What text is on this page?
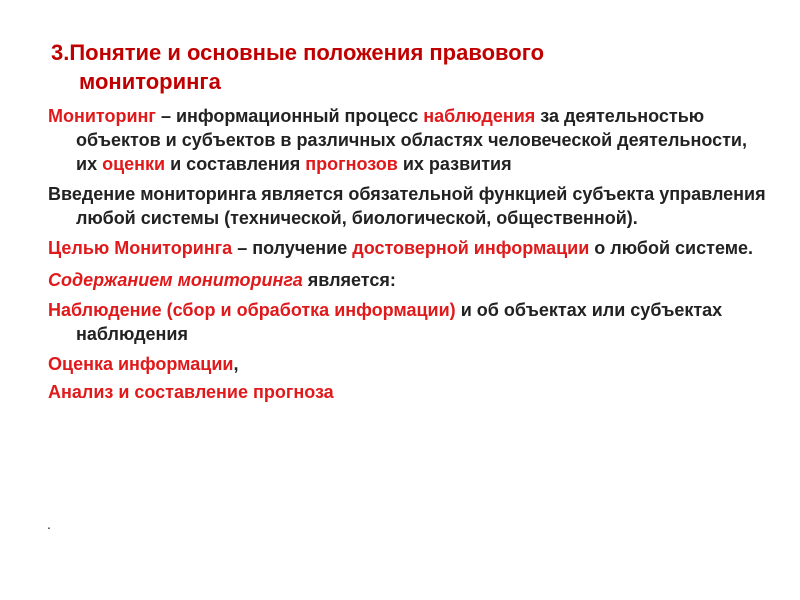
3.Понятие и основные положения правового
мониторинга

Мониторинг – информационный процесс наблюдения за деятельностью объектов и субъектов в различных областях человеческой деятельности, их оценки и составления прогнозов их развития

Введение мониторинга является обязательной функцией субъекта управления любой системы (технической, биологической, общественной).

Целью Мониторинга – получение достоверной информации о любой системе.

Содержанием мониторинга является:

Наблюдение (сбор и обработка информации) и об объектах или субъектах наблюдения

Оценка информации,

Анализ и составление прогноза

.
